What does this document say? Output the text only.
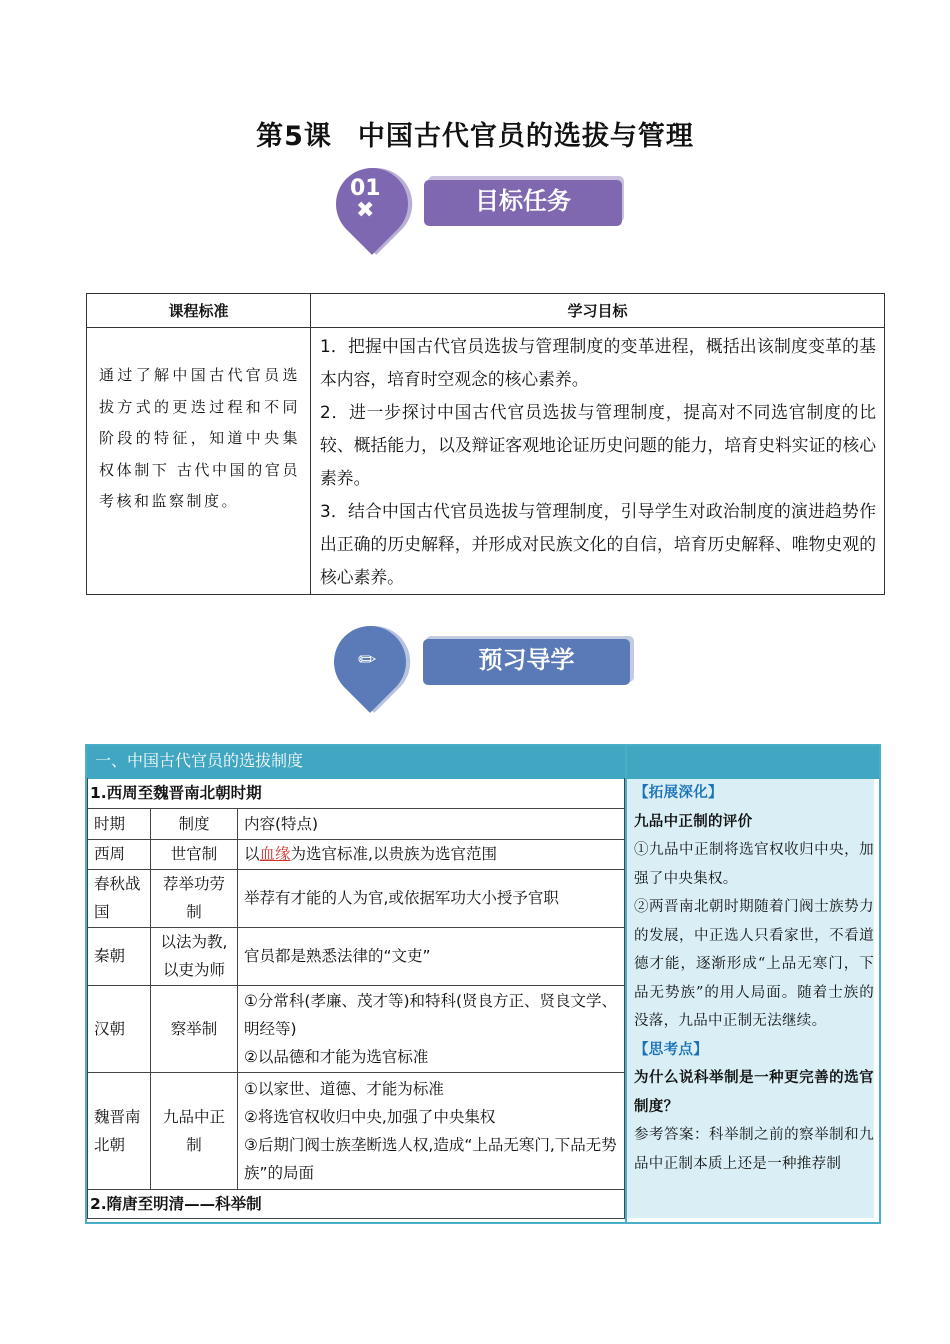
第5课 中国古代官员的选拔与管理
01
✖	目标任务
课程标准	学习目标
通过了解中国古代官员选拔方式的更迭过程和不同阶段的特征，知道中央集权体制下 古代中国的官员考核和监察制度。	1．把握中国古代官员选拔与管理制度的变革进程，概括出该制度变革的基本内容，培育时空观念的核心素养。

2．进一步探讨中国古代官员选拔与管理制度，提高对不同选官制度的比较、概括能力，以及辩证客观地论证历史问题的能力，培育史料实证的核心素养。

3．结合中国古代官员选拔与管理制度，引导学生对政治制度的演进趋势作出正确的历史解释，并形成对民族文化的自信，培育历史解释、唯物史观的核心素养。

✏	预习导学
一、中国古代官员的选拔制度
1.西周至魏晋南北朝时期		
时期	制度	内容(特点)
西周	世官制	以血缘为选官标准,以贵族为选官范围
春秋战国	荐举功劳制	举荐有才能的人为官,或依据军功大小授予官职
秦朝	以法为教,以吏为师	官员都是熟悉法律的“文吏”
汉朝	察举制	①分常科(孝廉、茂才等)和特科(贤良方正、贤良文学、明经等)
②以品德和才能为选官标准

魏晋南北朝	九品中正制	①以家世、道德、才能为标准
②将选官权收归中央,加强了中央集权
③后期门阀士族垄断选人权,造成“上品无寒门,下品无势族”的局面

2.隋唐至明清——科举制		

【拓展深化】

九品中正制的评价

①九品中正制将选官权收归中央，加强了中央集权。

②两晋南北朝时期随着门阀士族势力的发展，中正选人只看家世，不看道德才能，逐渐形成“上品无寒门，下品无势族”的用人局面。随着士族的没落，九品中正制无法继续。

【思考点】

为什么说科举制是一种更完善的选官制度？

参考答案：科举制之前的察举制和九品中正制本质上还是一种推荐制
